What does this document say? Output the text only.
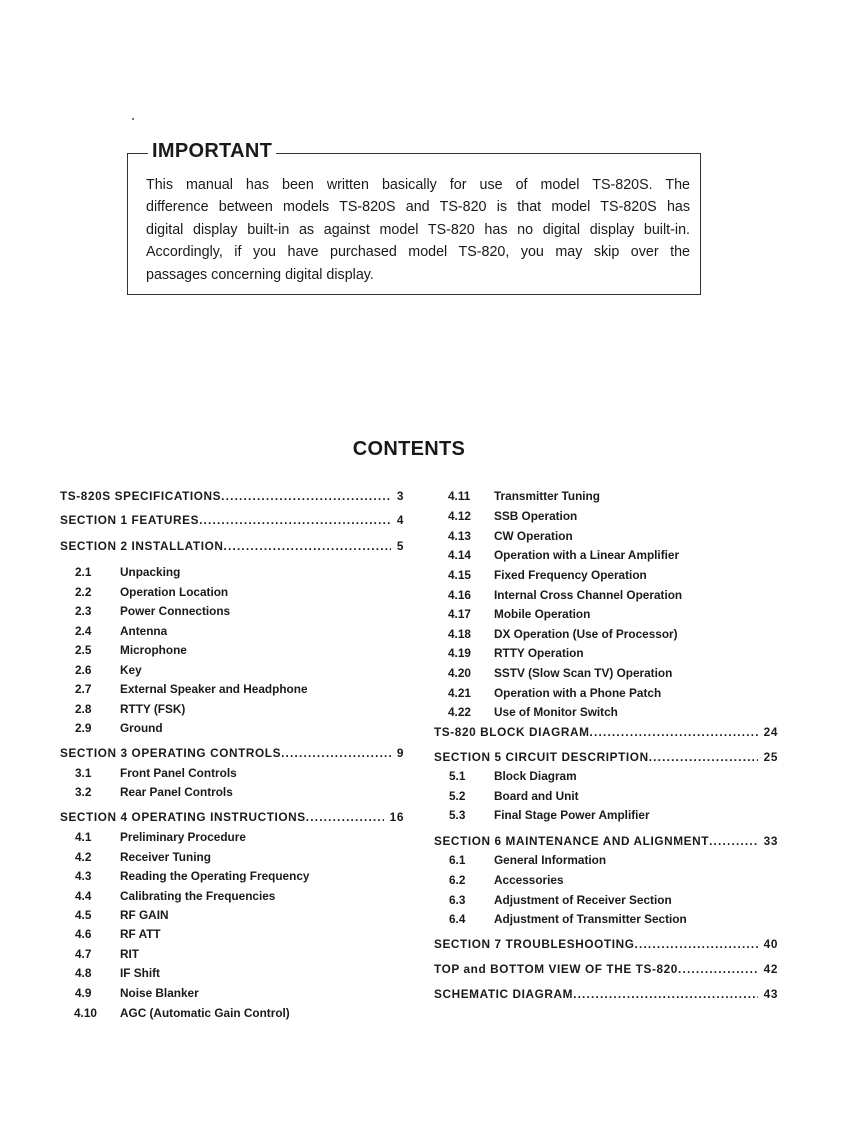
IMPORTANT
This manual has been written basically for use of model TS-820S. The
difference between models TS-820S and TS-820 is that model TS-820S has
digital display built-in as against model TS-820 has no digital display built-in.
Accordingly, if you have purchased model TS-820, you may skip over the
passages concerning digital display.
CONTENTS
TS-820S SPECIFICATIONS .....	3
SECTION 1 FEATURES .....	4
SECTION 2 INSTALLATION .....	5
2.1	Unpacking
2.2	Operation Location
2.3	Power Connections
2.4	Antenna
2.5	Microphone
2.6	Key
2.7	External Speaker and Headphone
2.8	RTTY (FSK)
2.9	Ground
SECTION 3 OPERATING CONTROLS .....	9
3.1	Front Panel Controls
3.2	Rear Panel Controls
SECTION 4 OPERATING INSTRUCTIONS .....	16
4.1	Preliminary Procedure
4.2	Receiver Tuning
4.3	Reading the Operating Frequency
4.4	Calibrating the Frequencies
4.5	RF GAIN
4.6	RF ATT
4.7	RIT
4.8	IF Shift
4.9	Noise Blanker
4.10	AGC (Automatic Gain Control)
4.11	Transmitter Tuning
4.12	SSB Operation
4.13	CW Operation
4.14	Operation with a Linear Amplifier
4.15	Fixed Frequency Operation
4.16	Internal Cross Channel Operation
4.17	Mobile Operation
4.18	DX Operation (Use of Processor)
4.19	RTTY Operation
4.20	SSTV (Slow Scan TV) Operation
4.21	Operation with a Phone Patch
4.22	Use of Monitor Switch
TS-820 BLOCK DIAGRAM .....	24
SECTION 5 CIRCUIT DESCRIPTION .....	25
5.1	Block Diagram
5.2	Board and Unit
5.3	Final Stage Power Amplifier
SECTION 6 MAINTENANCE AND ALIGNMENT .....	33
6.1	General Information
6.2	Accessories
6.3	Adjustment of Receiver Section
6.4	Adjustment of Transmitter Section
SECTION 7 TROUBLESHOOTING .....	40
TOP and BOTTOM VIEW OF THE TS-820 .....	42
SCHEMATIC DIAGRAM .....	43
